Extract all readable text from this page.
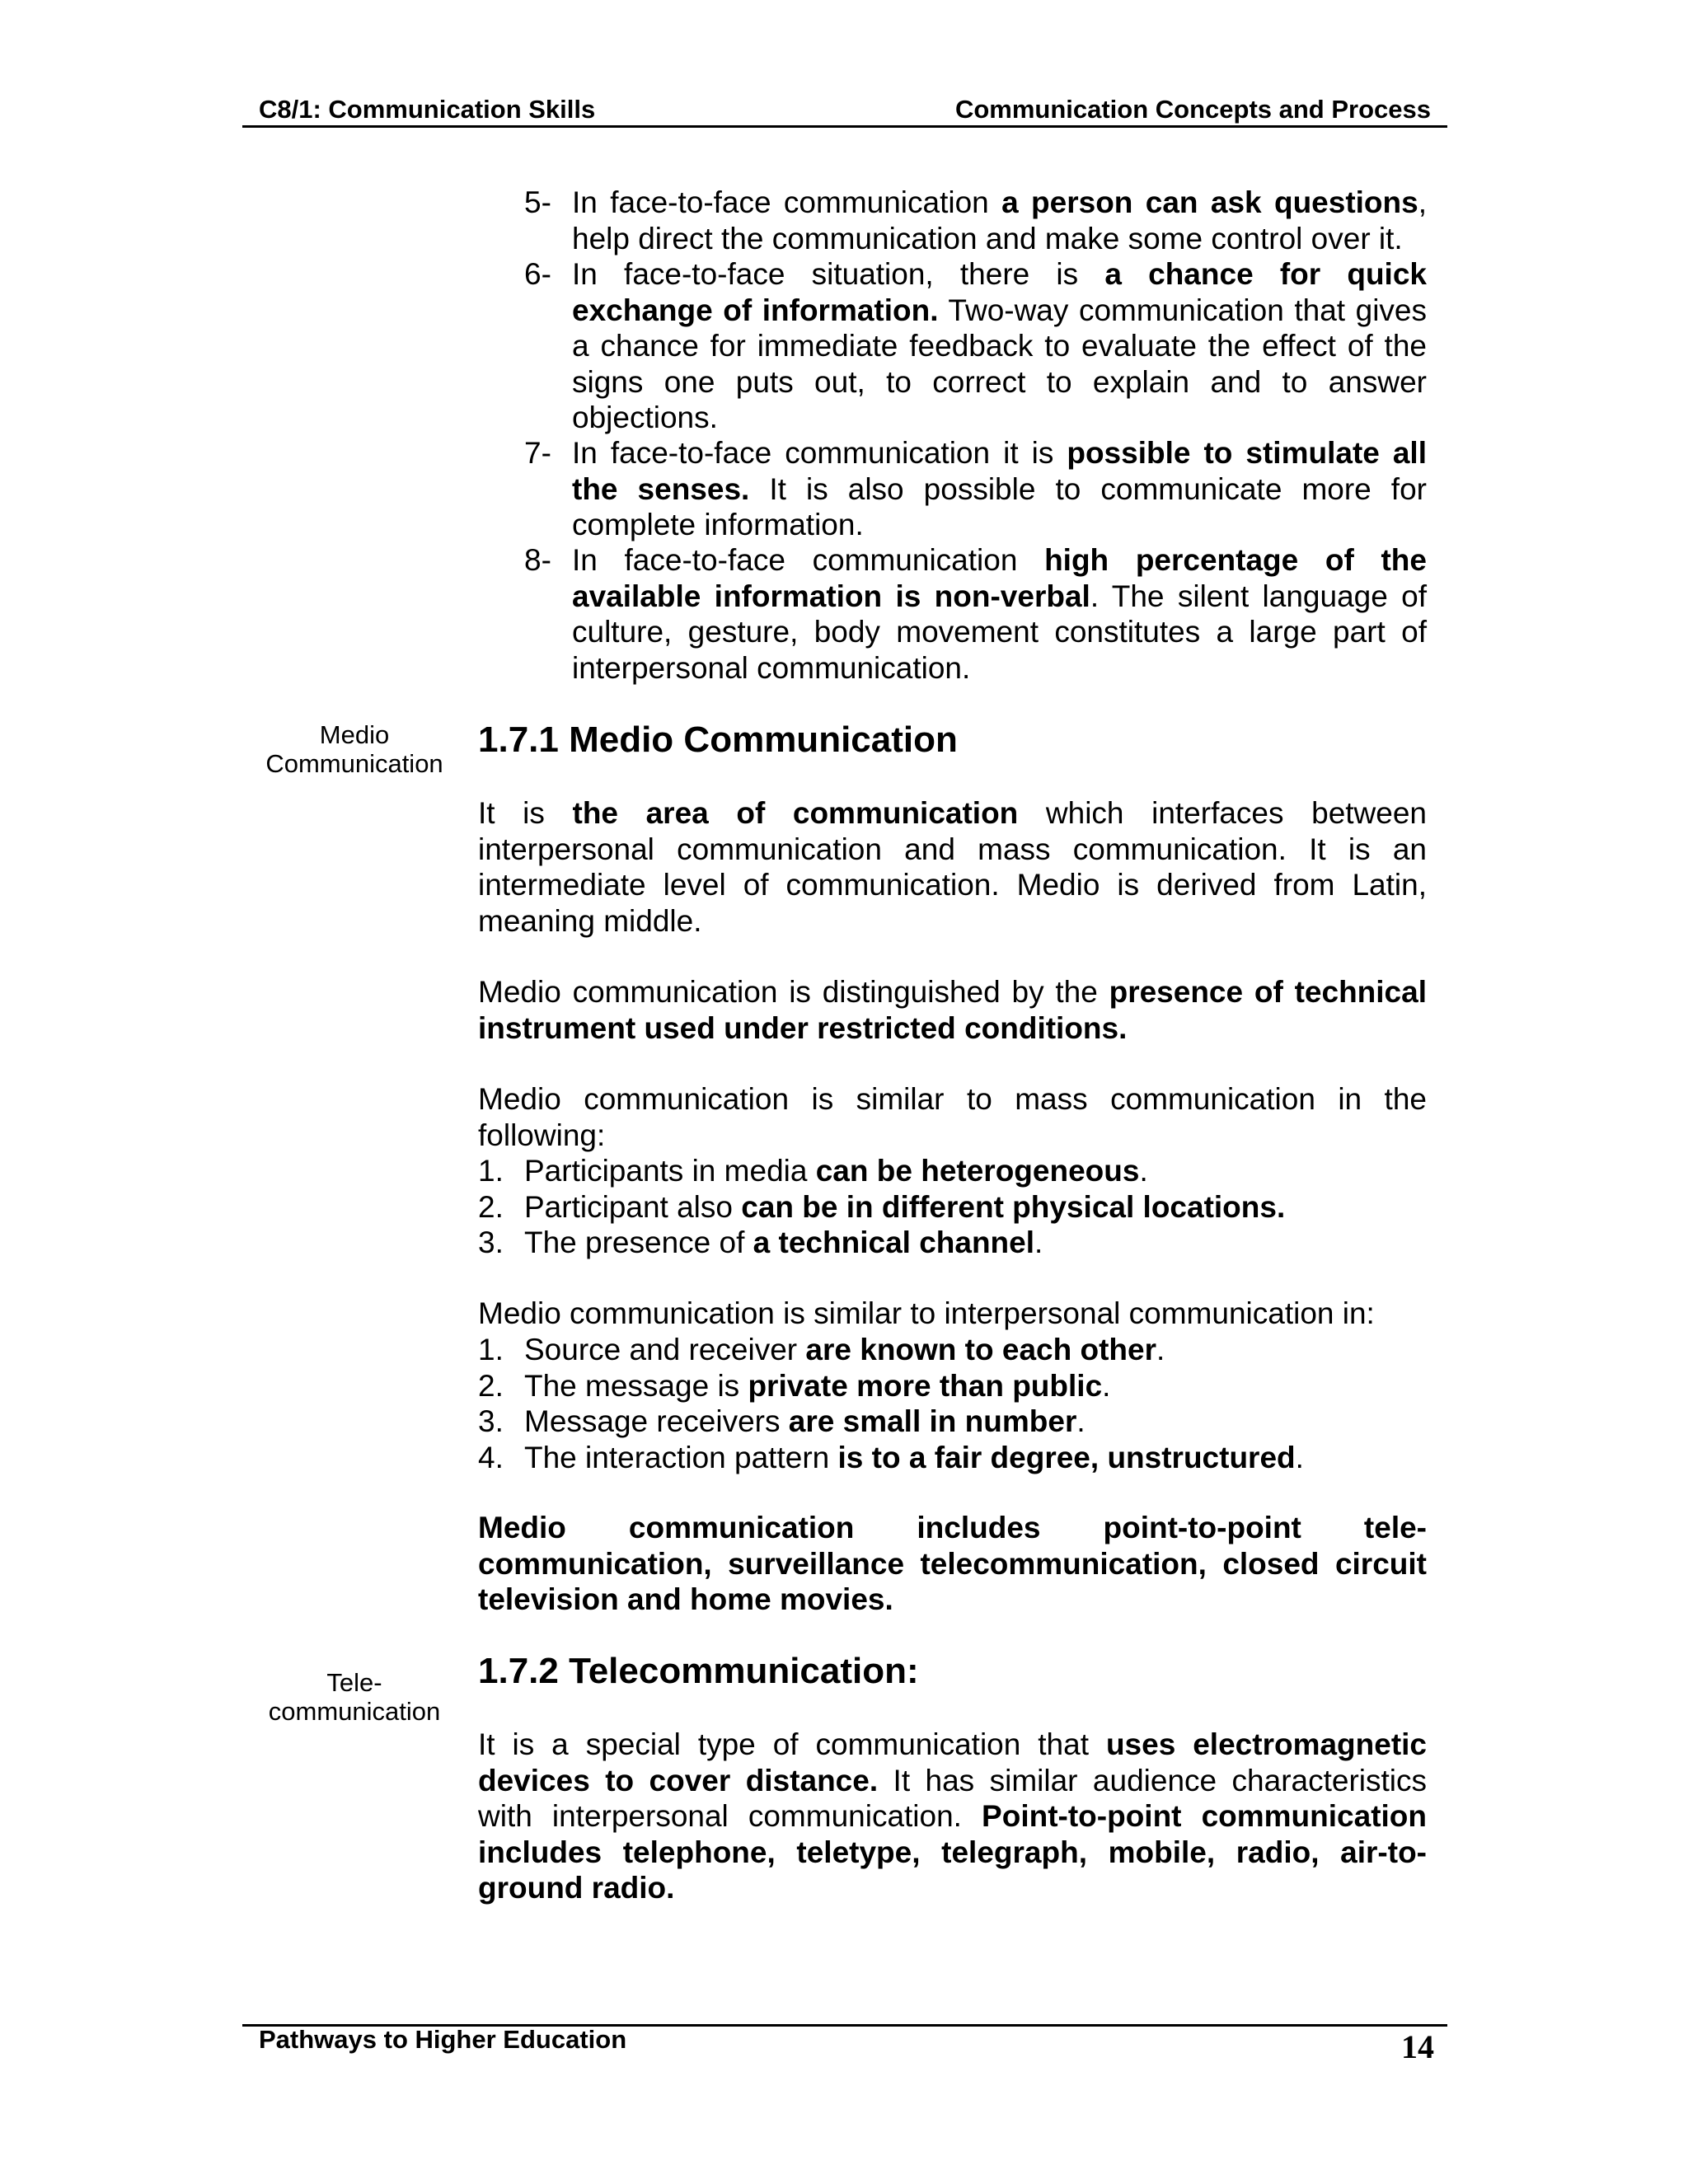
C8/1: Communication Skills	Communication Concepts and Process
5- In face-to-face communication a person can ask questions, help direct the communication and make some control over it.
6- In face-to-face situation, there is a chance for quick exchange of information. Two-way communication that gives a chance for immediate feedback to evaluate the effect of the signs one puts out, to correct to explain and to answer objections.
7- In face-to-face communication it is possible to stimulate all the senses. It is also possible to communicate more for complete information.
8- In face-to-face communication high percentage of the available information is non-verbal. The silent language of culture, gesture, body movement constitutes a large part of interpersonal communication.
Medio
Communication
1.7.1 Medio Communication
It is the area of communication which interfaces between interpersonal communication and mass communication. It is an intermediate level of communication. Medio is derived from Latin, meaning middle.
Medio communication is distinguished by the presence of technical instrument used under restricted conditions.
Medio communication is similar to mass communication in the following:
1. Participants in media can be heterogeneous.
2. Participant also can be in different physical locations.
3. The presence of a technical channel.
Medio communication is similar to interpersonal communication in:
1. Source and receiver are known to each other.
2. The message is private more than public.
3. Message receivers are small in number.
4. The interaction pattern is to a fair degree, unstructured.
Medio communication includes point-to-point tele-communication, surveillance telecommunication, closed circuit television and home movies.
Tele-
communication
1.7.2 Telecommunication:
It is a special type of communication that uses electromagnetic devices to cover distance. It has similar audience characteristics with interpersonal communication. Point-to-point communication includes telephone, teletype, telegraph, mobile, radio, air-to-ground radio.
Pathways to Higher Education	14
